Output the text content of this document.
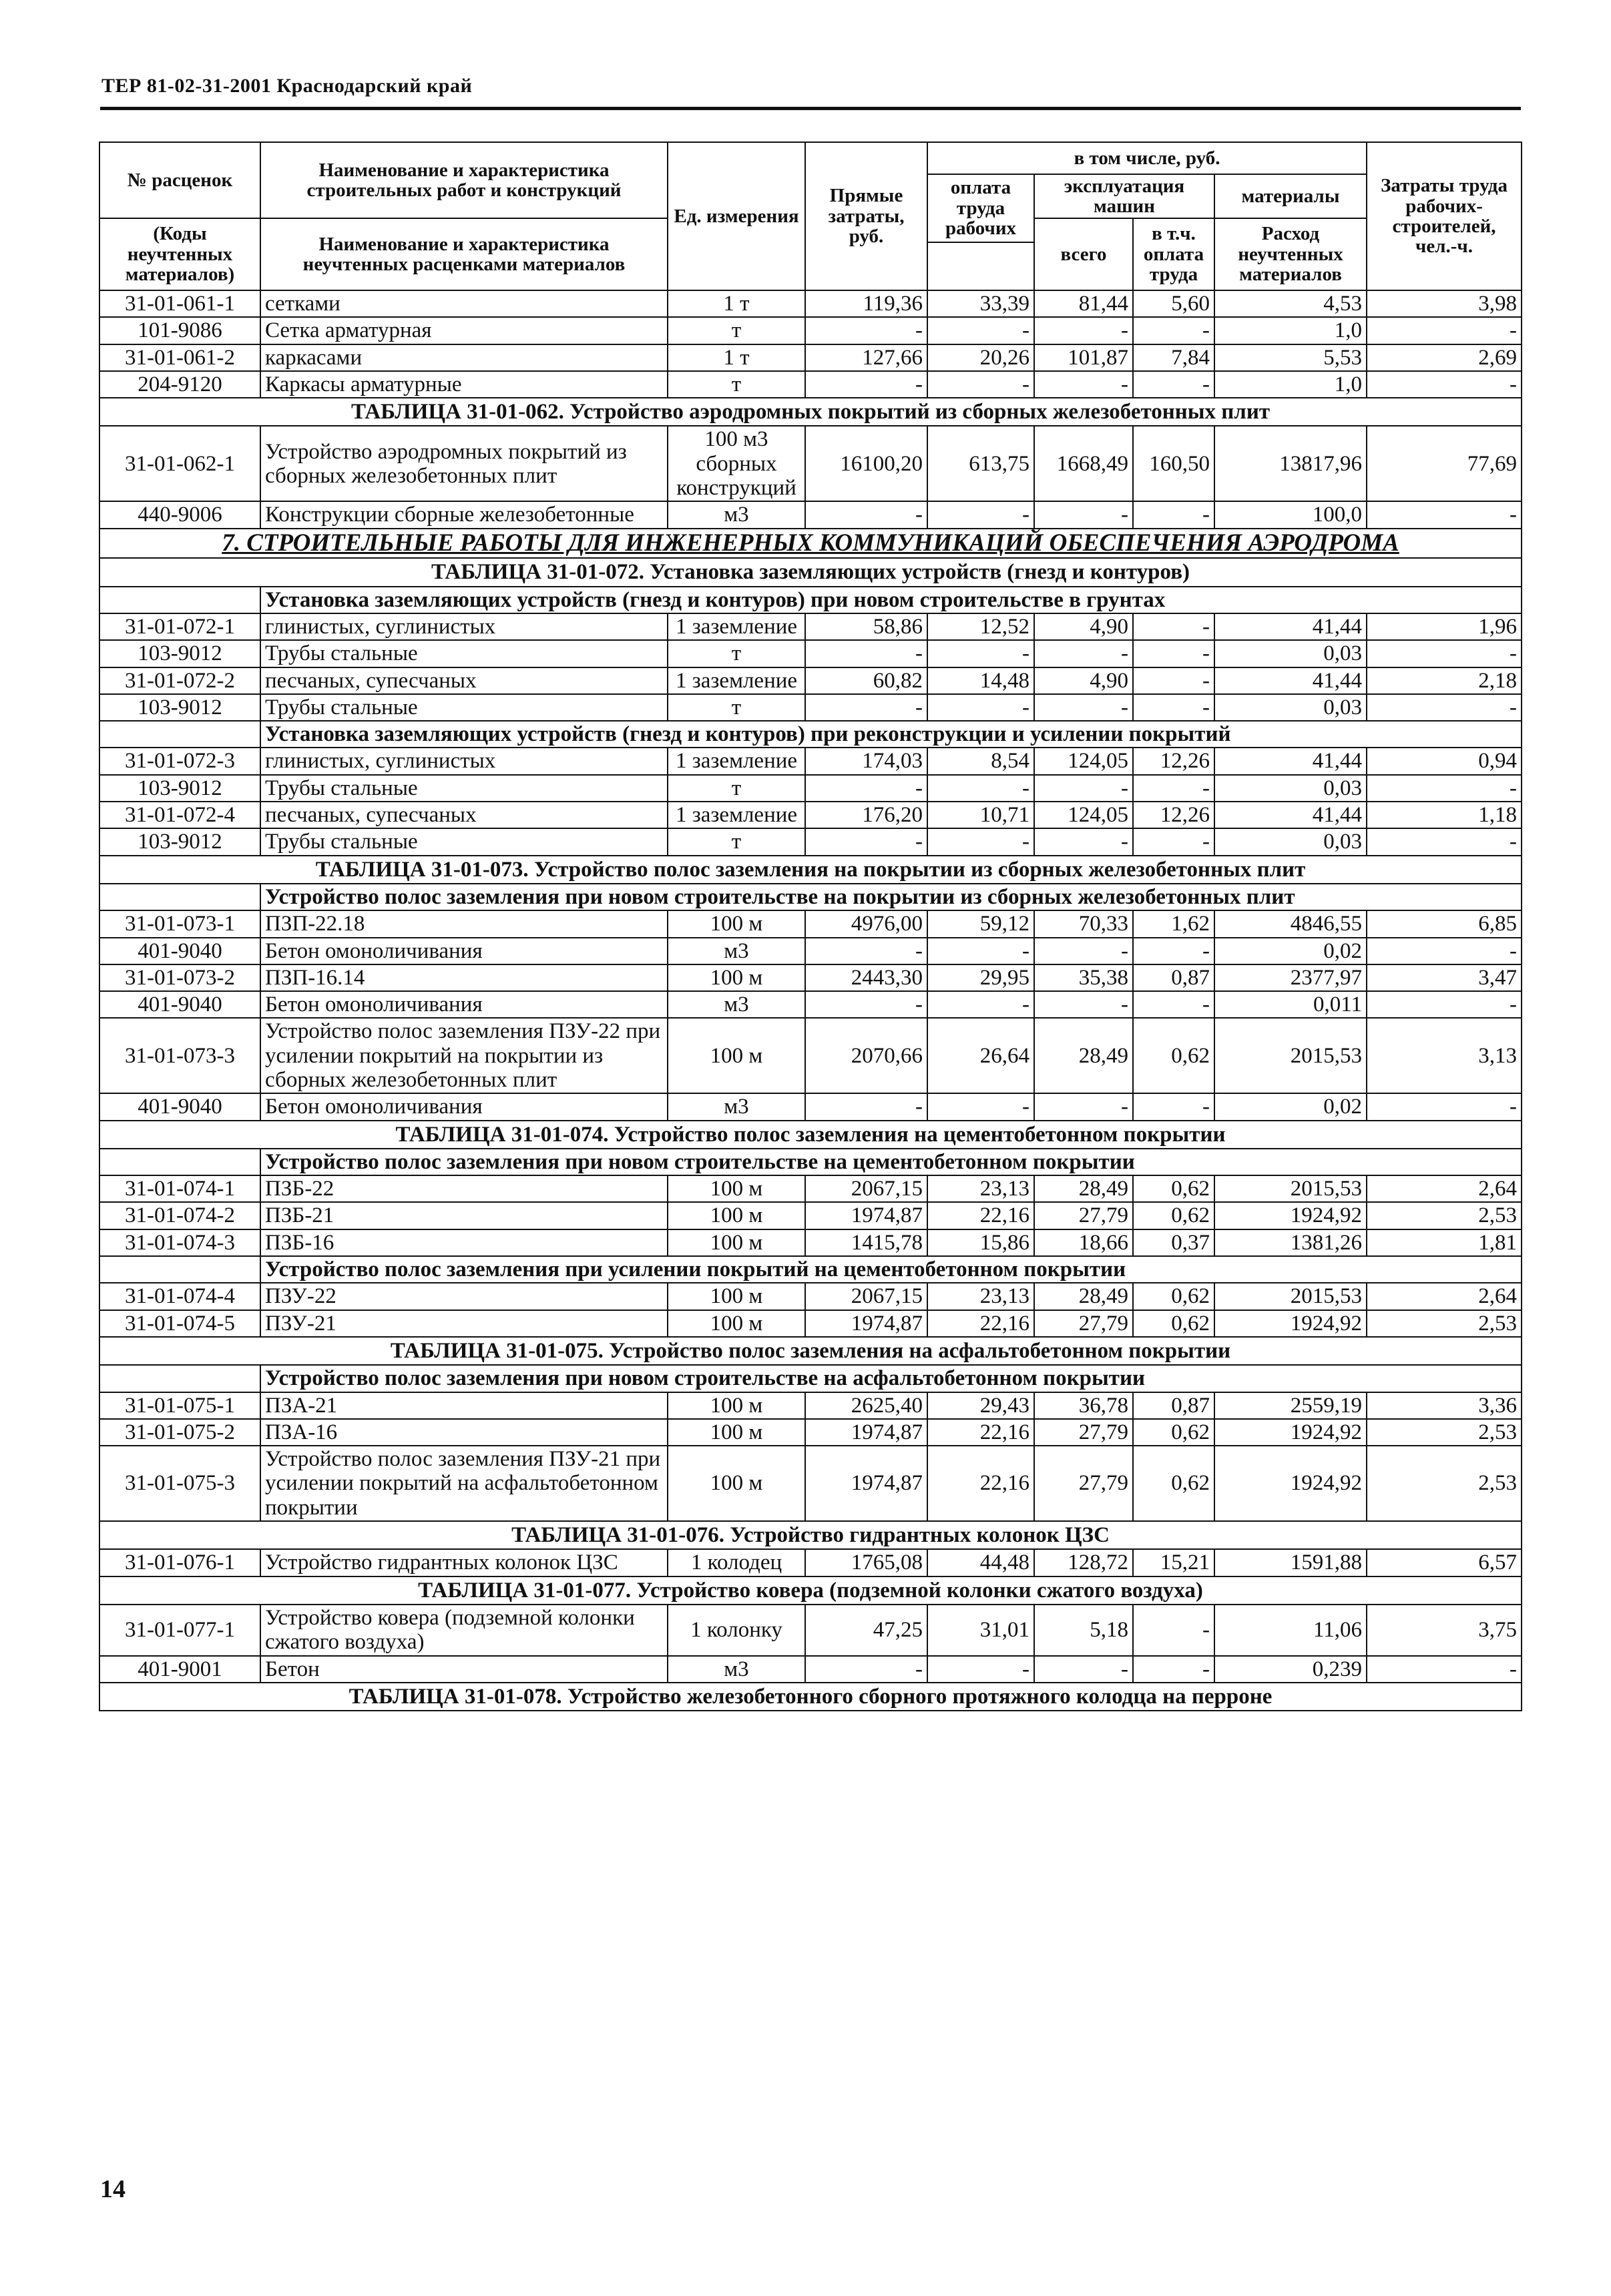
ТЕР 81-02-31-2001 Краснодарский край
№ расценок	Наименование и характеристика строительных работ и конструкций	Ед. измерения	Прямые затраты, руб.	в том числе, руб.				Затраты труда рабочих-строителей, чел.-ч.
				оплата труда рабочих	эксплуатация машин		материалы	

(Коды неучтенных материалов)	Наименование и характеристика неучтенных расценками материалов				всего	в т.ч. оплата труда	Расход неучтенных материалов	

31-01-061-1	сетками	1 т	119,36	33,39	81,44	5,60	4,53	3,98
101-9086	Сетка арматурная	т	-	-	-	-	1,0	-
31-01-061-2	каркасами	1 т	127,66	20,26	101,87	7,84	5,53	2,69
204-9120	Каркасы арматурные	т	-	-	-	-	1,0	-
ТАБЛИЦА 31-01-062. Устройство аэродромных покрытий из сборных железобетонных плит								
31-01-062-1	Устройство аэродромных покрытий из сборных железобетонных плит	100 м3 сборных конструкций	16100,20	613,75	1668,49	160,50	13817,96	77,69
440-9006	Конструкции сборные железобетонные	м3	-	-	-	-	100,0	-
7. СТРОИТЕЛЬНЫЕ РАБОТЫ ДЛЯ ИНЖЕНЕРНЫХ КОММУНИКАЦИЙ ОБЕСПЕЧЕНИЯ АЭРОДРОМА								
ТАБЛИЦА 31-01-072. Установка заземляющих устройств (гнезд и контуров)								
	Установка заземляющих устройств (гнезд и контуров) при новом строительстве в грунтах							
31-01-072-1	глинистых, суглинистых	1 заземление	58,86	12,52	4,90	-	41,44	1,96
103-9012	Трубы стальные	т	-	-	-	-	0,03	-
31-01-072-2	песчаных, супесчаных	1 заземление	60,82	14,48	4,90	-	41,44	2,18
103-9012	Трубы стальные	т	-	-	-	-	0,03	-
	Установка заземляющих устройств (гнезд и контуров) при реконструкции и усилении покрытий							
31-01-072-3	глинистых, суглинистых	1 заземление	174,03	8,54	124,05	12,26	41,44	0,94
103-9012	Трубы стальные	т	-	-	-	-	0,03	-
31-01-072-4	песчаных, супесчаных	1 заземление	176,20	10,71	124,05	12,26	41,44	1,18
103-9012	Трубы стальные	т	-	-	-	-	0,03	-
ТАБЛИЦА 31-01-073. Устройство полос заземления на покрытии из сборных железобетонных плит								
	Устройство полос заземления при новом строительстве на покрытии из сборных железобетонных плит							
31-01-073-1	ПЗП-22.18	100 м	4976,00	59,12	70,33	1,62	4846,55	6,85
401-9040	Бетон омоноличивания	м3	-	-	-	-	0,02	-
31-01-073-2	ПЗП-16.14	100 м	2443,30	29,95	35,38	0,87	2377,97	3,47
401-9040	Бетон омоноличивания	м3	-	-	-	-	0,011	-
31-01-073-3	Устройство полос заземления ПЗУ-22 при усилении покрытий на покрытии из сборных железобетонных плит	100 м	2070,66	26,64	28,49	0,62	2015,53	3,13
401-9040	Бетон омоноличивания	м3	-	-	-	-	0,02	-
ТАБЛИЦА 31-01-074. Устройство полос заземления на цементобетонном покрытии								
	Устройство полос заземления при новом строительстве на цементобетонном покрытии							
31-01-074-1	ПЗБ-22	100 м	2067,15	23,13	28,49	0,62	2015,53	2,64
31-01-074-2	ПЗБ-21	100 м	1974,87	22,16	27,79	0,62	1924,92	2,53
31-01-074-3	ПЗБ-16	100 м	1415,78	15,86	18,66	0,37	1381,26	1,81
	Устройство полос заземления при усилении покрытий на цементобетонном покрытии							
31-01-074-4	ПЗУ-22	100 м	2067,15	23,13	28,49	0,62	2015,53	2,64
31-01-074-5	ПЗУ-21	100 м	1974,87	22,16	27,79	0,62	1924,92	2,53
ТАБЛИЦА 31-01-075. Устройство полос заземления на асфальтобетонном покрытии								
	Устройство полос заземления при новом строительстве на асфальтобетонном покрытии							
31-01-075-1	ПЗА-21	100 м	2625,40	29,43	36,78	0,87	2559,19	3,36
31-01-075-2	ПЗА-16	100 м	1974,87	22,16	27,79	0,62	1924,92	2,53
31-01-075-3	Устройство полос заземления ПЗУ-21 при усилении покрытий на асфальтобетонном покрытии	100 м	1974,87	22,16	27,79	0,62	1924,92	2,53
ТАБЛИЦА 31-01-076. Устройство гидрантных колонок ЦЗС								
31-01-076-1	Устройство гидрантных колонок ЦЗС	1 колодец	1765,08	44,48	128,72	15,21	1591,88	6,57
ТАБЛИЦА 31-01-077. Устройство ковера (подземной колонки сжатого воздуха)								
31-01-077-1	Устройство ковера (подземной колонки сжатого воздуха)	1 колонку	47,25	31,01	5,18	-	11,06	3,75
401-9001	Бетон	м3	-	-	-	-	0,239	-
ТАБЛИЦА 31-01-078. Устройство железобетонного сборного протяжного колодца на перроне								
14
